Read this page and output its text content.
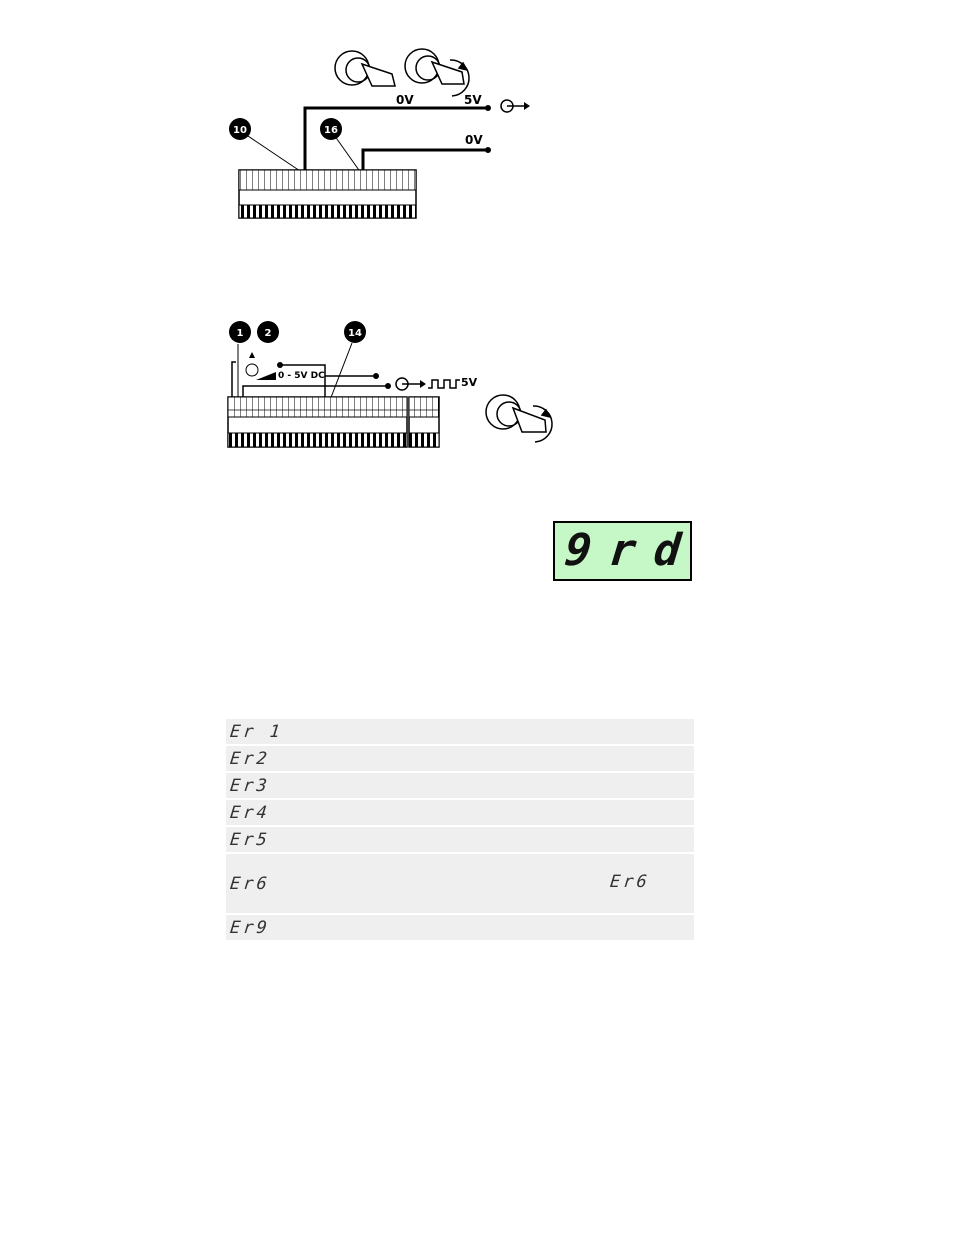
10	16
0V	5V
0V
1 2	14
0 - 5V DC	5V
9rd
Er 1
Er2
Er3
Er4
Er5
Er6	Er6
Er9
